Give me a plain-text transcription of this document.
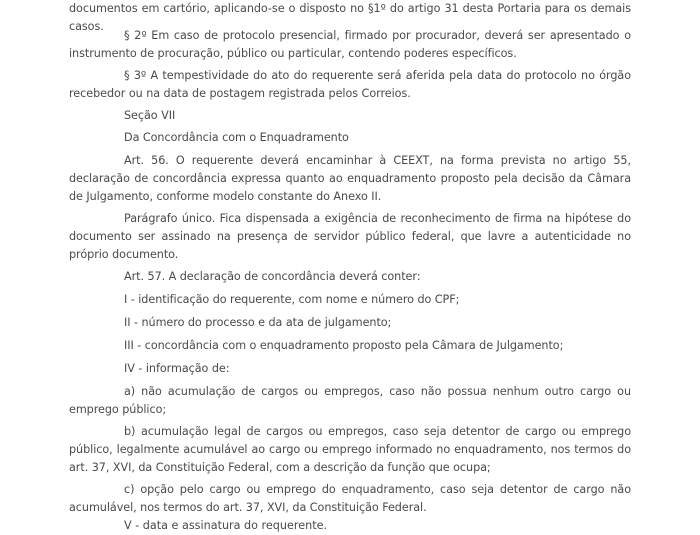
documentos em cartório, aplicando-se o disposto no §1º do artigo 31 desta Portaria para os demais casos.

§ 2º Em caso de protocolo presencial, firmado por procurador, deverá ser apresentado o instrumento de procuração, público ou particular, contendo poderes específicos.

§ 3º A tempestividade do ato do requerente será aferida pela data do protocolo no órgão recebedor ou na data de postagem registrada pelos Correios.

Seção VII

Da Concordância com o Enquadramento

Art. 56. O requerente deverá encaminhar à CEEXT, na forma prevista no artigo 55, declaração de concordância expressa quanto ao enquadramento proposto pela decisão da Câmara de Julgamento, conforme modelo constante do Anexo II.

Parágrafo único. Fica dispensada a exigência de reconhecimento de firma na hipótese do documento ser assinado na presença de servidor público federal, que lavre a autenticidade no próprio documento.

Art. 57. A declaração de concordância deverá conter:

I - identificação do requerente, com nome e número do CPF;

II - número do processo e da ata de julgamento;

III - concordância com o enquadramento proposto pela Câmara de Julgamento;

IV - informação de:

a) não acumulação de cargos ou empregos, caso não possua nenhum outro cargo ou emprego público;

b) acumulação legal de cargos ou empregos, caso seja detentor de cargo ou emprego público, legalmente acumulável ao cargo ou emprego informado no enquadramento, nos termos do art. 37, XVI, da Constituição Federal, com a descrição da função que ocupa;

c) opção pelo cargo ou emprego do enquadramento, caso seja detentor de cargo não acumulável, nos termos do art. 37, XVI, da Constituição Federal.

V - data e assinatura do requerente.
